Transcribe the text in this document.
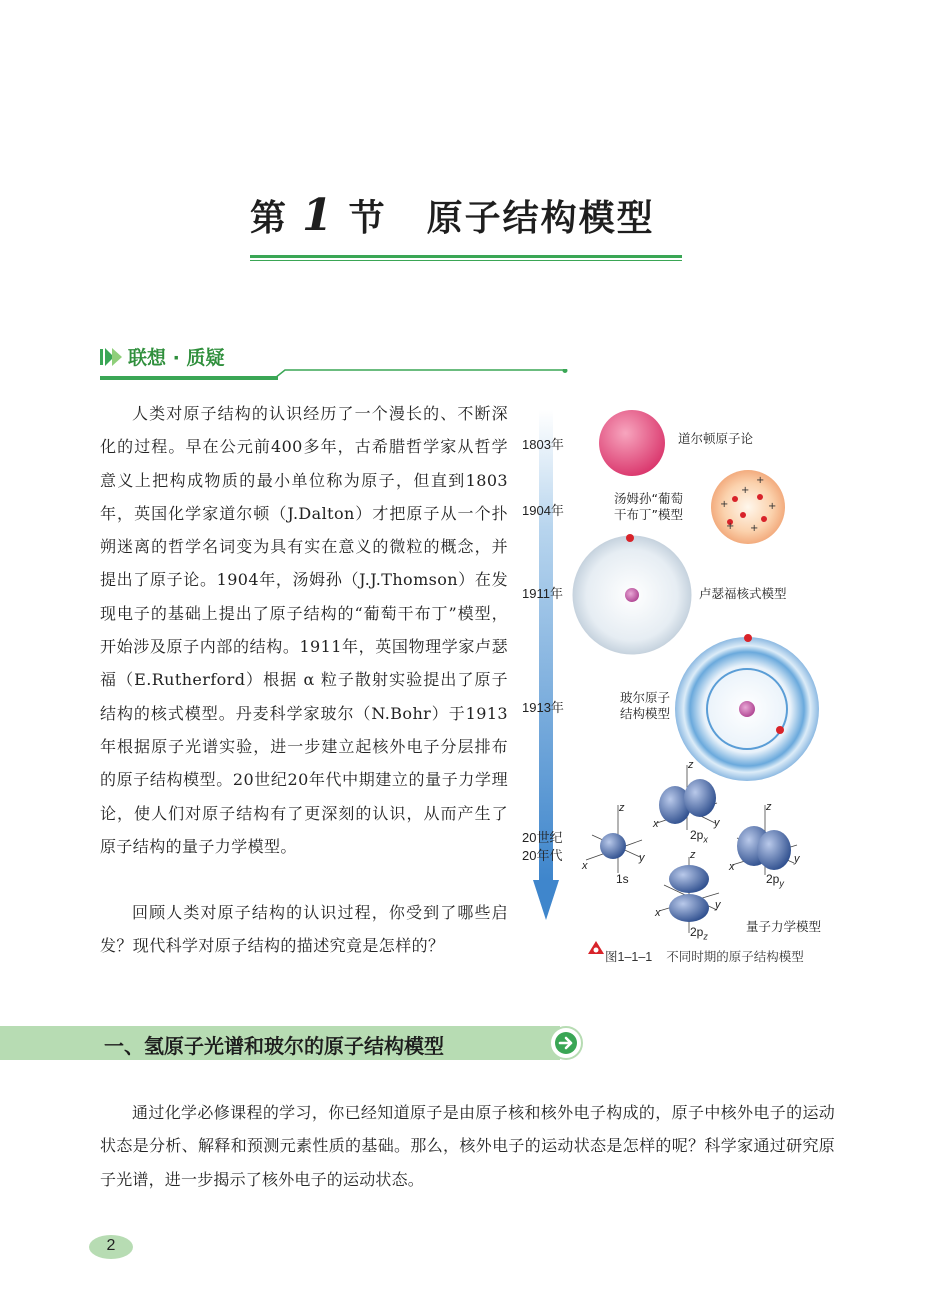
第 1 节 原子结构模型
联想 · 质疑
人类对原子结构的认识经历了一个漫长的、不断深化的过程。早在公元前400多年，古希腊哲学家从哲学意义上把构成物质的最小单位称为原子，但直到1803年，英国化学家道尔顿（J.Dalton）才把原子从一个扑朔迷离的哲学名词变为具有实在意义的微粒的概念，并提出了原子论。1904年，汤姆孙（J.J.Thomson）在发现电子的基础上提出了原子结构的“葡萄干布丁”模型，开始涉及原子内部的结构。1911年，英国物理学家卢瑟福（E.Rutherford）根据 α 粒子散射实验提出了原子结构的核式模型。丹麦科学家玻尔（N.Bohr）于1913年根据原子光谱实验，进一步建立起核外电子分层排布的原子结构模型。20世纪20年代中期建立的量子力学理论，使人们对原子结构有了更深刻的认识，从而产生了原子结构的量子力学模型。
回顾人类对原子结构的认识过程，你受到了哪些启发？现代科学对原子结构的描述究竟是怎样的？
+
+
+	+
+
+
1803年
1904年
1911年
1913年
20世纪
20年代
道尔顿原子论
汤姆孙“葡萄
干布丁”模型
卢瑟福核式模型
玻尔原子
结构模型
量子力学模型
1s
$2p_x$
$2p_y$
$2p_z$
z
x
y
z
x	y
z
x
y
z
x
y
图1–1–1 不同时期的原子结构模型
一、氢原子光谱和玻尔的原子结构模型
通过化学必修课程的学习，你已经知道原子是由原子核和核外电子构成的，原子中核外电子的运动状态是分析、解释和预测元素性质的基础。那么，核外电子的运动状态是怎样的呢？科学家通过研究原子光谱，进一步揭示了核外电子的运动状态。
2
